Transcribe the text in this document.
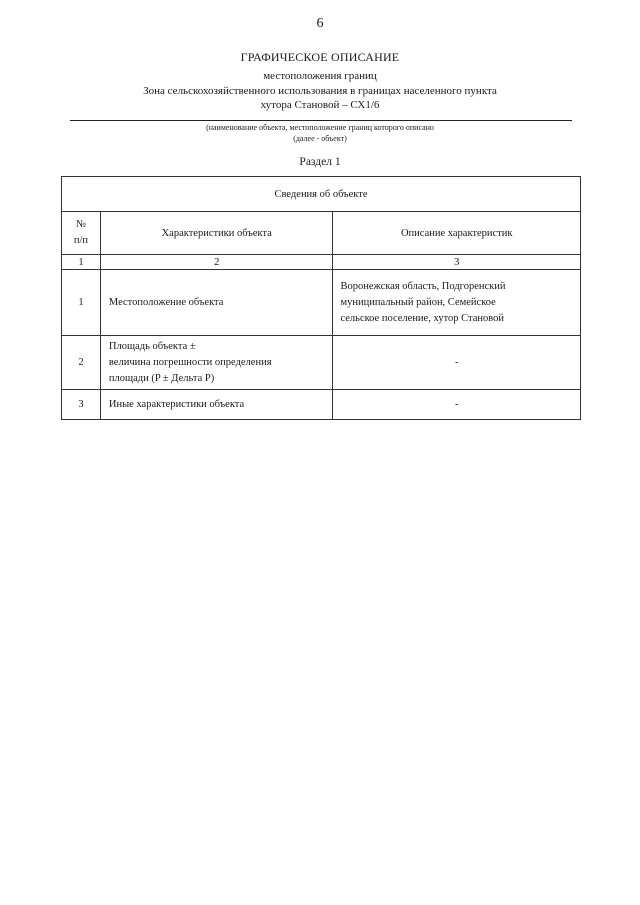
6
ГРАФИЧЕСКОЕ ОПИСАНИЕ
местоположения границ
Зона сельскохозяйственного использования в границах населенного пункта
хутора Становой – СХ1/6
(наименование объекта, местоположение границ которого описано
(далее - объект)
Раздел 1
Сведения об объекте		
№
п/п	Характеристики объекта	Описание характеристик
1	2	3
1	Местоположение объекта	Воронежская область, Подгоренский
муниципальный район, Семейское
сельское поселение, хутор Становой
2	Площадь объекта ±
величина погрешности определения
площади (P ± Дельта P)	-
3	Иные характеристики объекта	-
